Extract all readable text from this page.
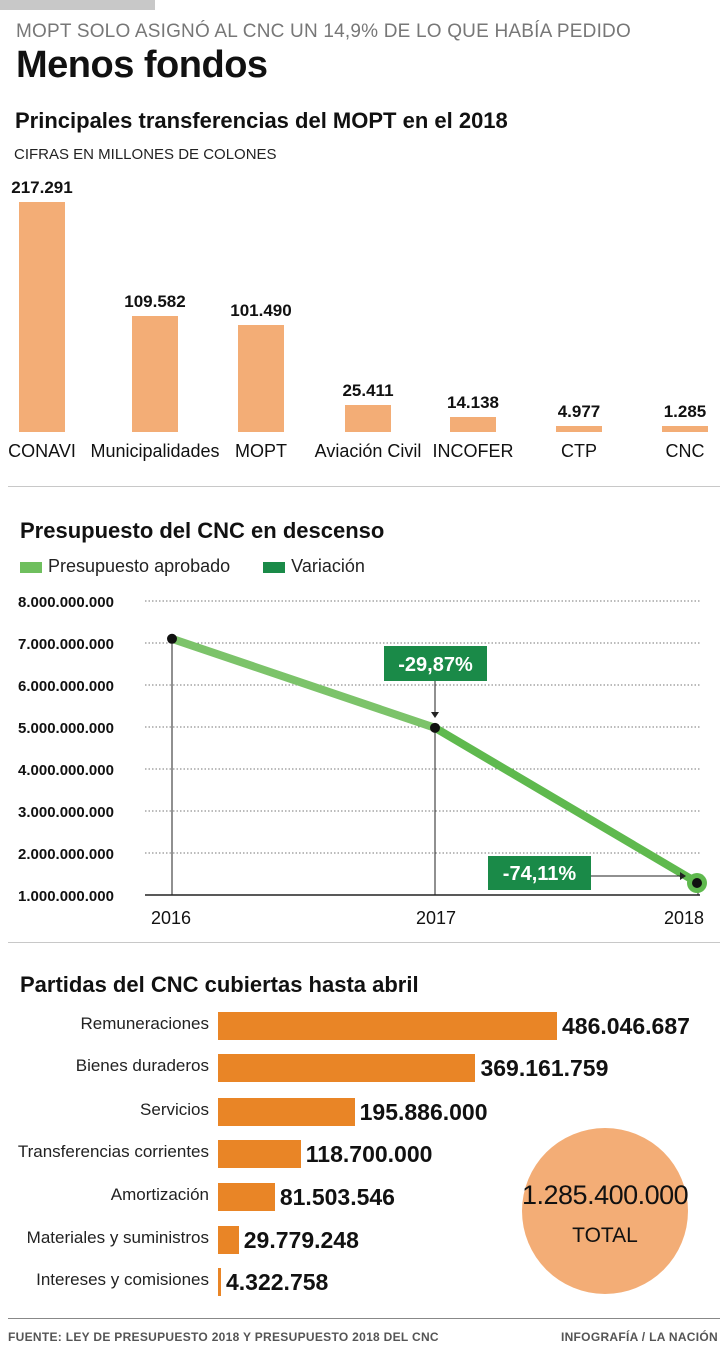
MOPT SOLO ASIGNÓ AL CNC UN 14,9% DE LO QUE HABÍA PEDIDO
Menos fondos
Principales transferencias del MOPT en el 2018
CIFRAS EN MILLONES DE COLONES
217.291
CONAVI
109.582
Municipalidades
101.490
MOPT
25.411
Aviación Civil
14.138
INCOFER
4.977
CTP
1.285
CNC
Presupuesto del CNC en descenso
Presupuesto aprobado	Variación
1.000.000.000
2.000.000.000
3.000.000.000
4.000.000.000
5.000.000.000
6.000.000.000
7.000.000.000
8.000.000.000
2016	2017	2018
-29,87%
-74,11%
Partidas del CNC cubiertas hasta abril
Remuneraciones	486.046.687
Bienes duraderos	369.161.759
Servicios	195.886.000
Transferencias corrientes	118.700.000
Amortización	81.503.546
Materiales y suministros 29.779.248
Intereses y comisiones 4.322.758
1.285.400.000
TOTAL
FUENTE: LEY DE PRESUPUESTO 2018 Y PRESUPUESTO 2018 DEL CNC	INFOGRAFÍA / LA NACIÓN
